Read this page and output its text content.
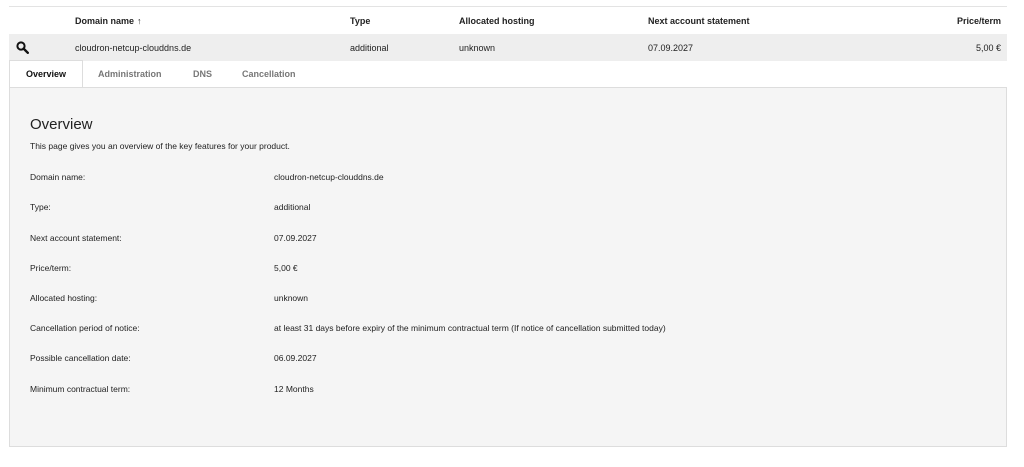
Domain name ↑	Type	Allocated hosting	Next account statement	Price/term
cloudron-netcup-clouddns.de	additional	unknown	07.09.2027	5,00 €
Overview	Administration	DNS	Cancellation
Overview
This page gives you an overview of the key features for your product.
Domain name:	cloudron-netcup-clouddns.de
Type:	additional
Next account statement:	07.09.2027
Price/term:	5,00 €
Allocated hosting:	unknown
Cancellation period of notice:	at least 31 days before expiry of the minimum contractual term (If notice of cancellation submitted today)
Possible cancellation date:	06.09.2027
Minimum contractual term:	12 Months
